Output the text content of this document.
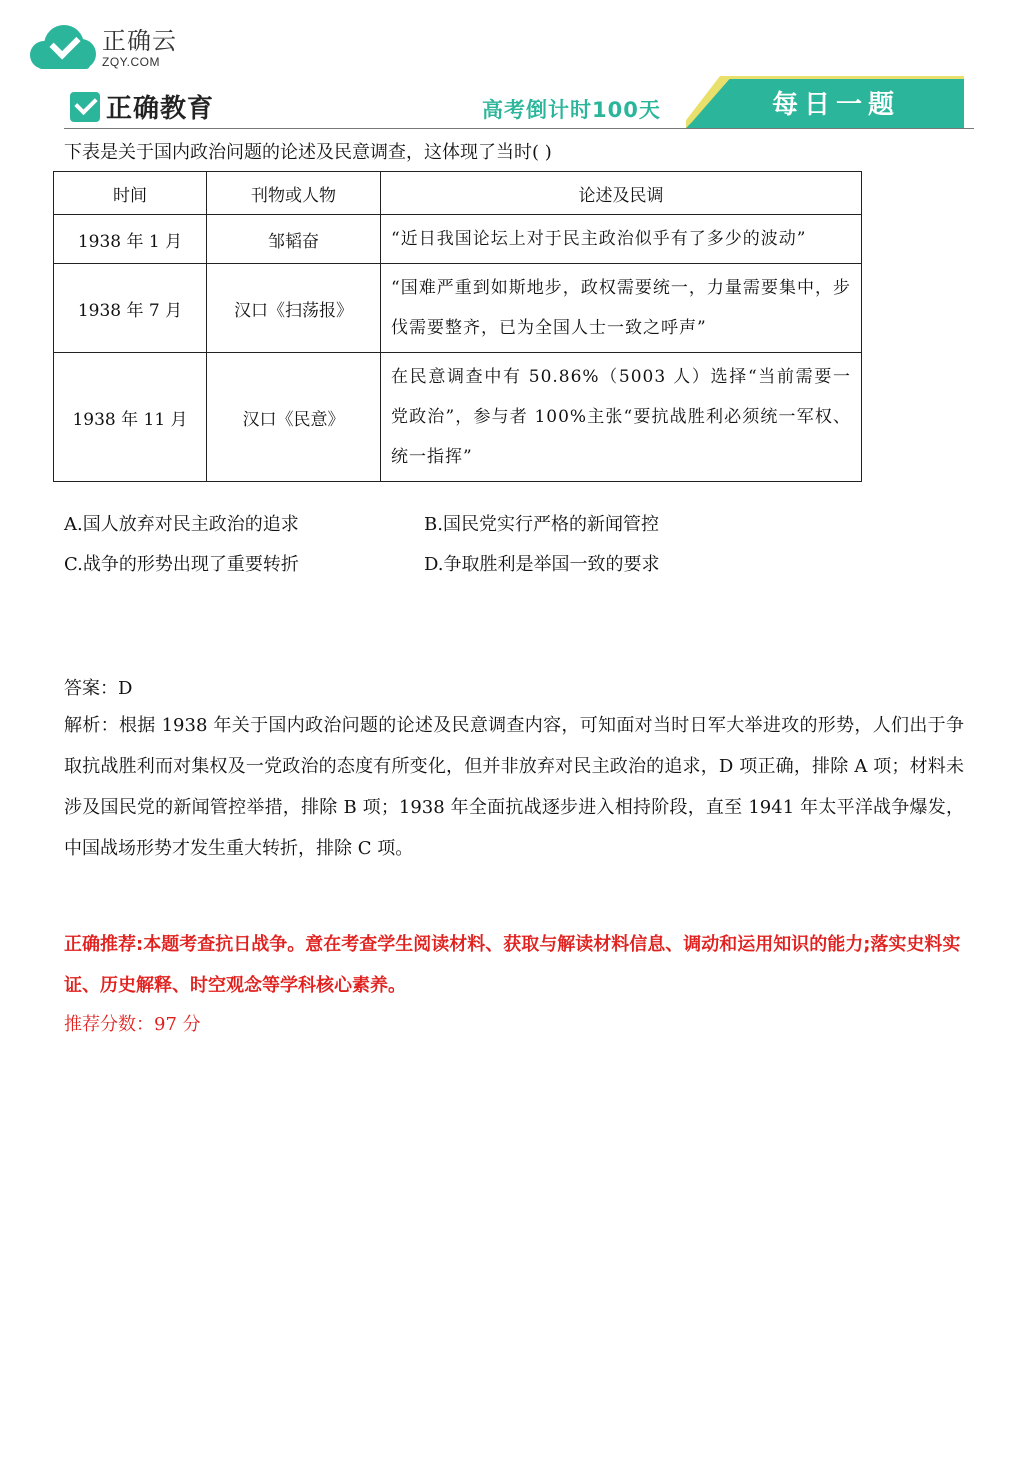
正确云
ZQY.COM
正确教育	高考倒计时100天	每日一题
下表是关于国内政治问题的论述及民意调查，这体现了当时( )
时间	刊物或人物	论述及民调
1938 年 1 月	邹韬奋	“近日我国论坛上对于民主政治似乎有了多少的波动”
1938 年 7 月	汉口《扫荡报》	“国难严重到如斯地步，政权需要统一，力量需要集中，步伐需要整齐，已为全国人士一致之呼声”
1938 年 11 月	汉口《民意》	在民意调查中有 50.86%（5003 人）选择“当前需要一党政治”，参与者 100%主张“要抗战胜利必须统一军权、统一指挥”
A.国人放弃对民主政治的追求	B.国民党实行严格的新闻管控
C.战争的形势出现了重要转折	D.争取胜利是举国一致的要求
答案：D
解析：根据 1938 年关于国内政治问题的论述及民意调查内容，可知面对当时日军大举进攻的形势，人们出于争取抗战胜利而对集权及一党政治的态度有所变化，但并非放弃对民主政治的追求，D 项正确，排除 A 项；材料未涉及国民党的新闻管控举措，排除 B 项；1938 年全面抗战逐步进入相持阶段，直至 1941 年太平洋战争爆发，中国战场形势才发生重大转折，排除 C 项。
正确推荐:本题考查抗日战争。意在考查学生阅读材料、获取与解读材料信息、调动和运用知识的能力;落实史料实证、历史解释、时空观念等学科核心素养。
推荐分数：97 分
